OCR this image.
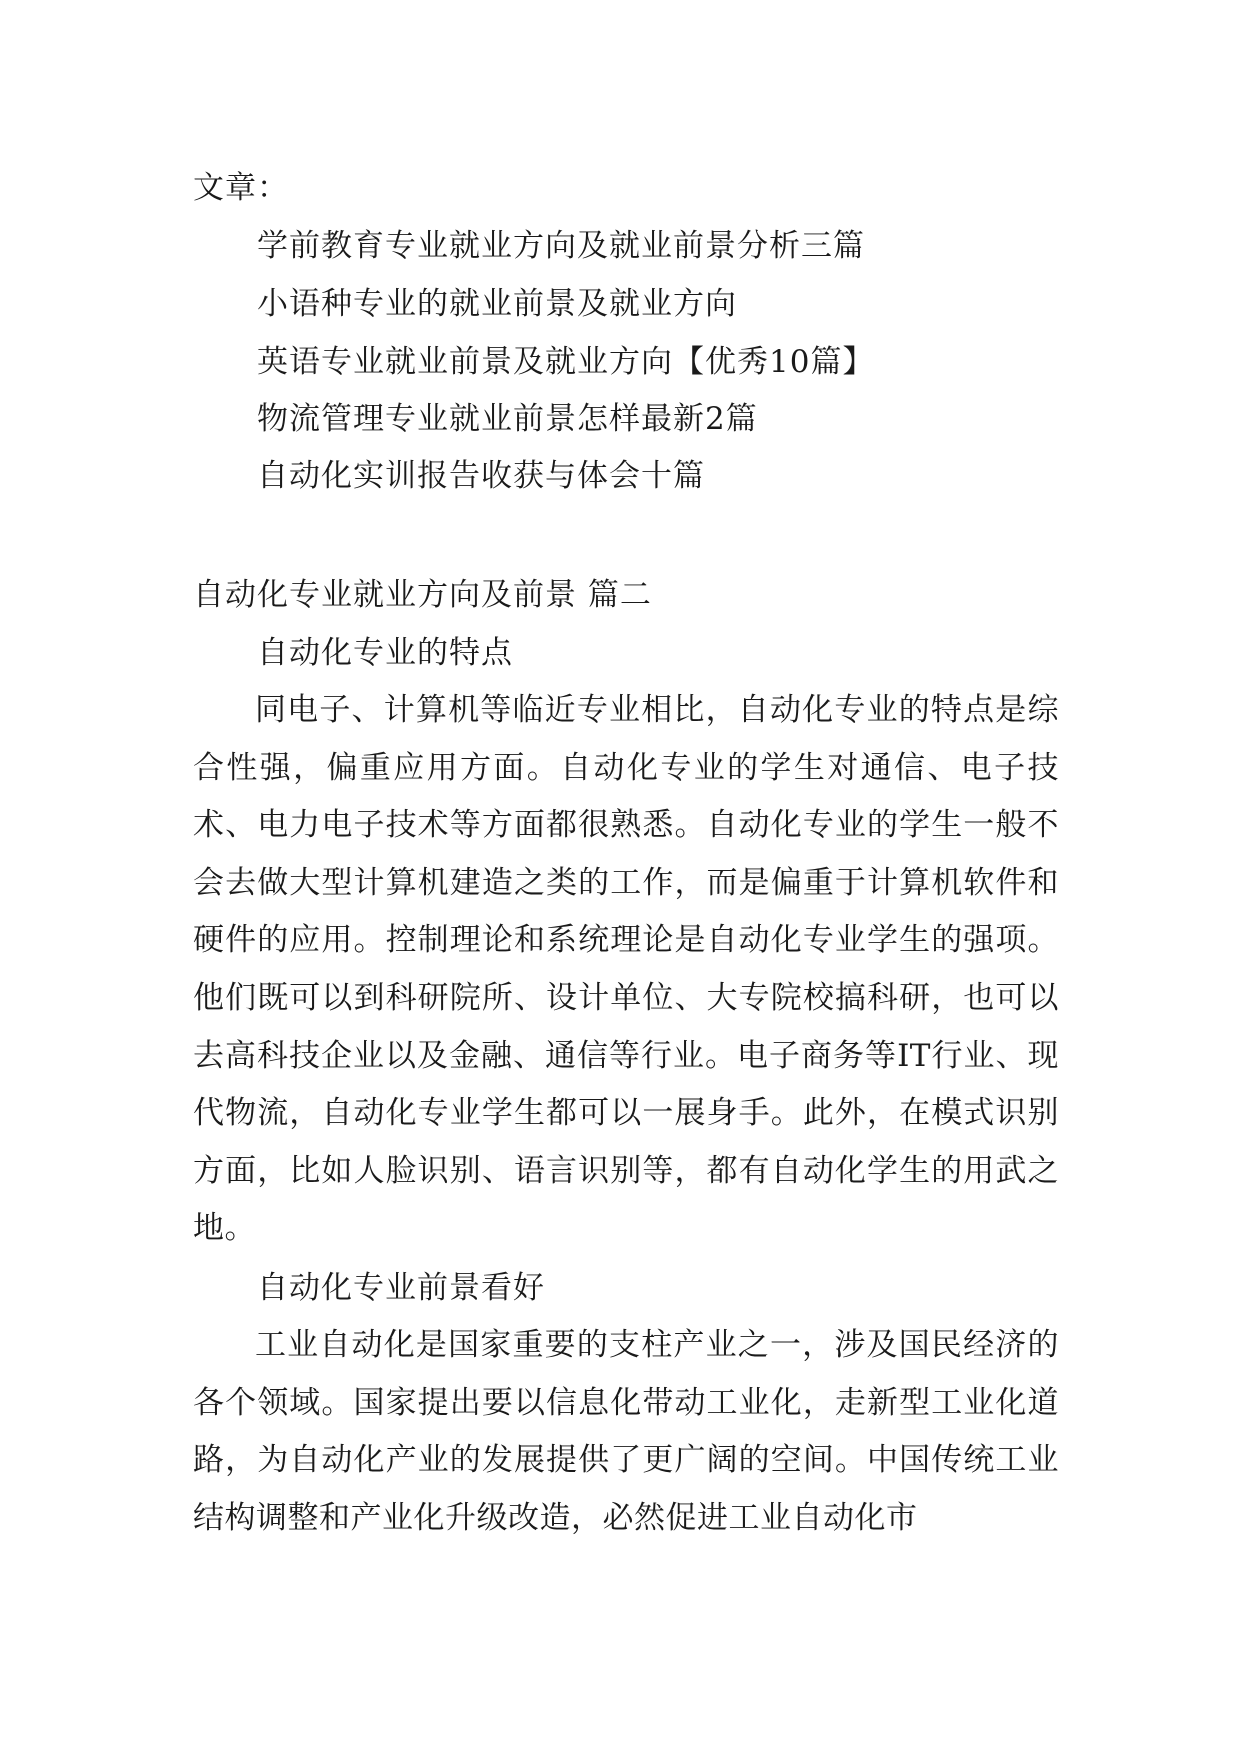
文章：
学前教育专业就业方向及就业前景分析三篇
小语种专业的就业前景及就业方向
英语专业就业前景及就业方向【优秀10篇】
物流管理专业就业前景怎样最新2篇
自动化实训报告收获与体会十篇
自动化专业就业方向及前景 篇二
自动化专业的特点

同电子、计算机等临近专业相比，自动化专业的特点是综合性强，偏重应用方面。自动化专业的学生对通信、电子技术、电力电子技术等方面都很熟悉。自动化专业的学生一般不会去做大型计算机建造之类的工作，而是偏重于计算机软件和硬件的应用。控制理论和系统理论是自动化专业学生的强项。他们既可以到科研院所、设计单位、大专院校搞科研，也可以去高科技企业以及金融、通信等行业。电子商务等IT行业、现代物流，自动化专业学生都可以一展身手。此外，在模式识别方面，比如人脸识别、语言识别等，都有自动化学生的用武之地。

自动化专业前景看好

工业自动化是国家重要的支柱产业之一，涉及国民经济的各个领域。国家提出要以信息化带动工业化，走新型工业化道路，为自动化产业的发展提供了更广阔的空间。中国传统工业结构调整和产业化升级改造，必然促进工业自动化市
